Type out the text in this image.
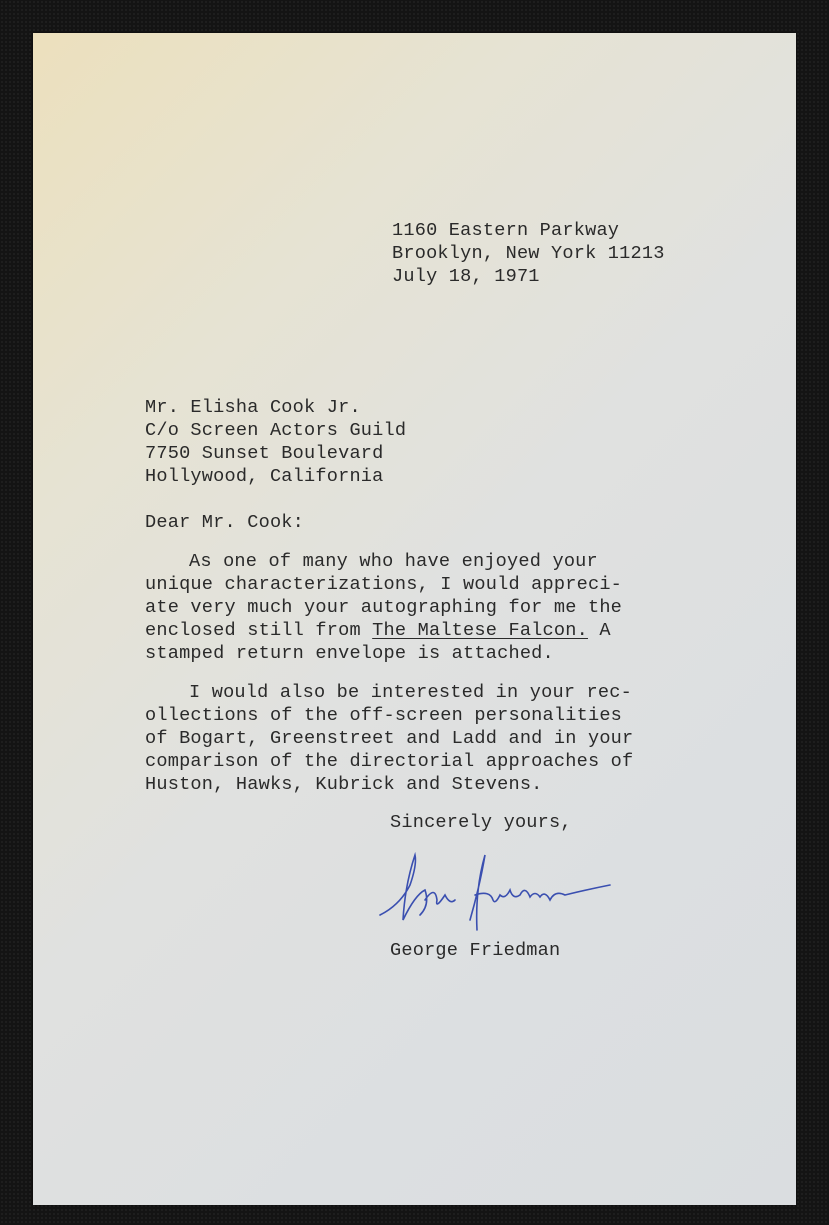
1160 Eastern Parkway
Brooklyn, New York 11213
July 18, 1971
Mr. Elisha Cook Jr.
C/o Screen Actors Guild
7750 Sunset Boulevard
Hollywood, California
Dear Mr. Cook:
As one of many who have enjoyed your
unique characterizations, I would appreci-
ate very much your autographing for me the
enclosed still from The Maltese Falcon. A
stamped return envelope is attached.
I would also be interested in your rec-
ollections of the off-screen personalities
of Bogart, Greenstreet and Ladd and in your
comparison of the directorial approaches of
Huston, Hawks, Kubrick and Stevens.
Sincerely yours,
George Friedman
